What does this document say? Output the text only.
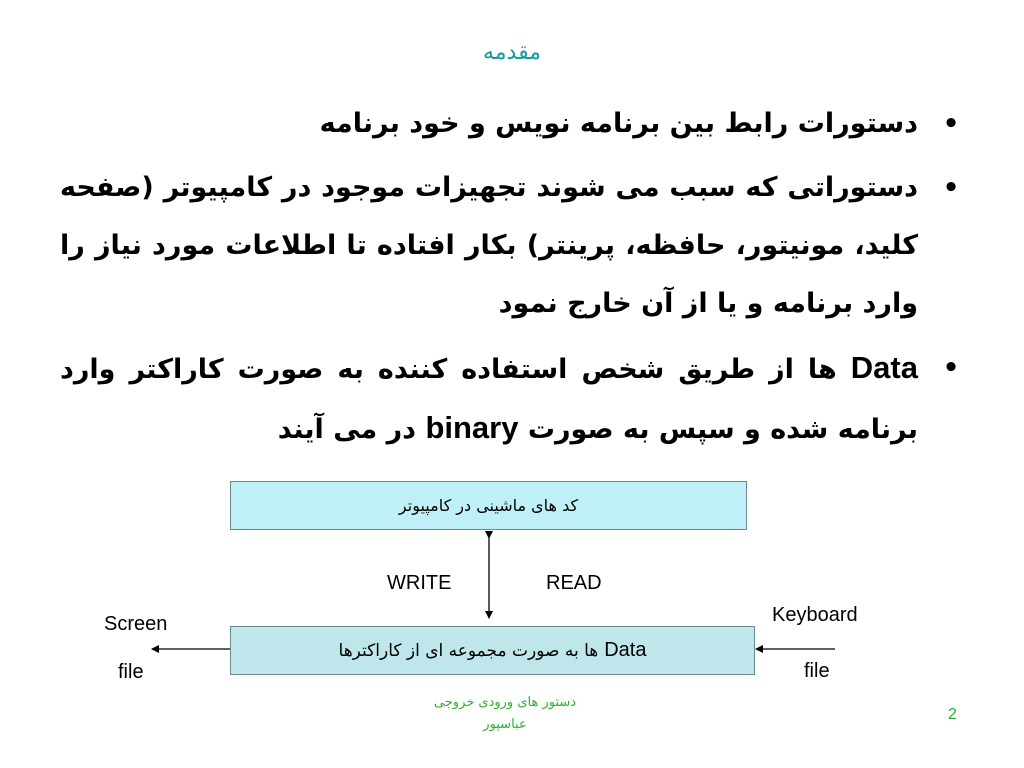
مقدمه
•
دستورات رابط بین برنامه نویس و خود برنامه
•
دستوراتی که سبب می شوند تجهیزات موجود در کامپیوتر (صفحه کلید، مونیتور، حافظه، پرینتر) بکار افتاده تا اطلاعات مورد نیاز را وارد برنامه و یا از آن خارج نمود
•
Data ها از طریق شخص استفاده کننده به صورت کاراکتر وارد برنامه شده و سپس به صورت binary در می آیند
کد های ماشینی در کامپیوتر
Data
ها به صورت مجموعه ای از کاراکترها
WRITE	READ
Screen
file
Keyboard
file
دستور های ورودی خروجی
عباسپور
2
